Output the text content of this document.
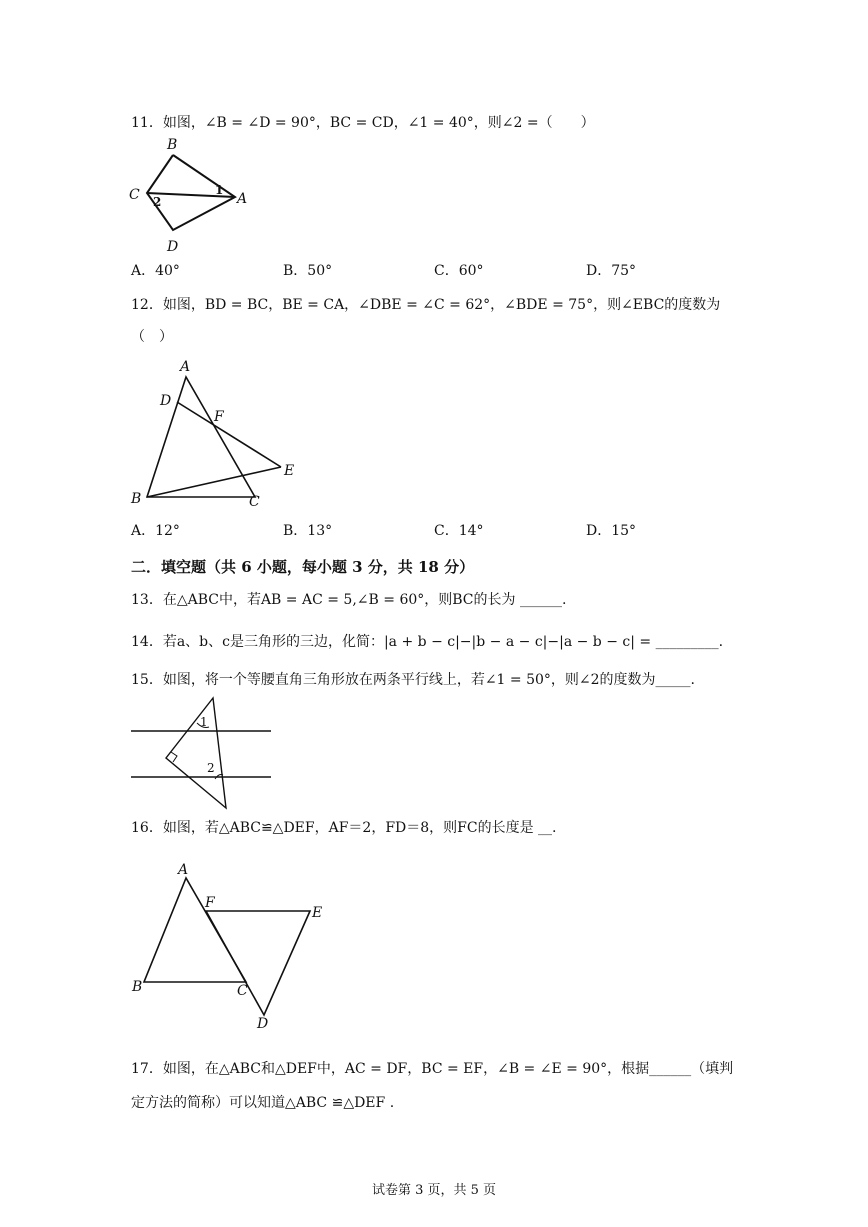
11．如图，∠B = ∠D = 90°，BC = CD，∠1 = 40°，则∠2 =（　　）
B
C	A
D
1
2
A．40°	B．50°	C．60°	D．75°
12．如图，BD = BC，BE = CA，∠DBE = ∠C = 62°，∠BDE = 75°，则∠EBC的度数为
（　）
A
D
F
E
B	C
A．12°	B．13°	C．14°	D．15°
二．填空题（共 6 小题，每小题 3 分，共 18 分）
13．在△ABC中，若AB = AC = 5,∠B = 60°，则BC的长为 ______.
14．若a、b、c是三角形的三边，化简：|a + b − c|−|b − a − c|−|a − b − c| = _________.
15．如图，将一个等腰直角三角形放在两条平行线上，若∠1 = 50°，则∠2的度数为_____.
1
2
16．如图，若△ABC≌△DEF，AF＝2，FD＝8，则FC的长度是 __.
A
F
E
B	C
D
17．如图，在△ABC和△DEF中，AC = DF，BC = EF，∠B = ∠E = 90°，根据______（填判
定方法的简称）可以知道△ABC ≌△DEF .
试卷第 3 页，共 5 页
